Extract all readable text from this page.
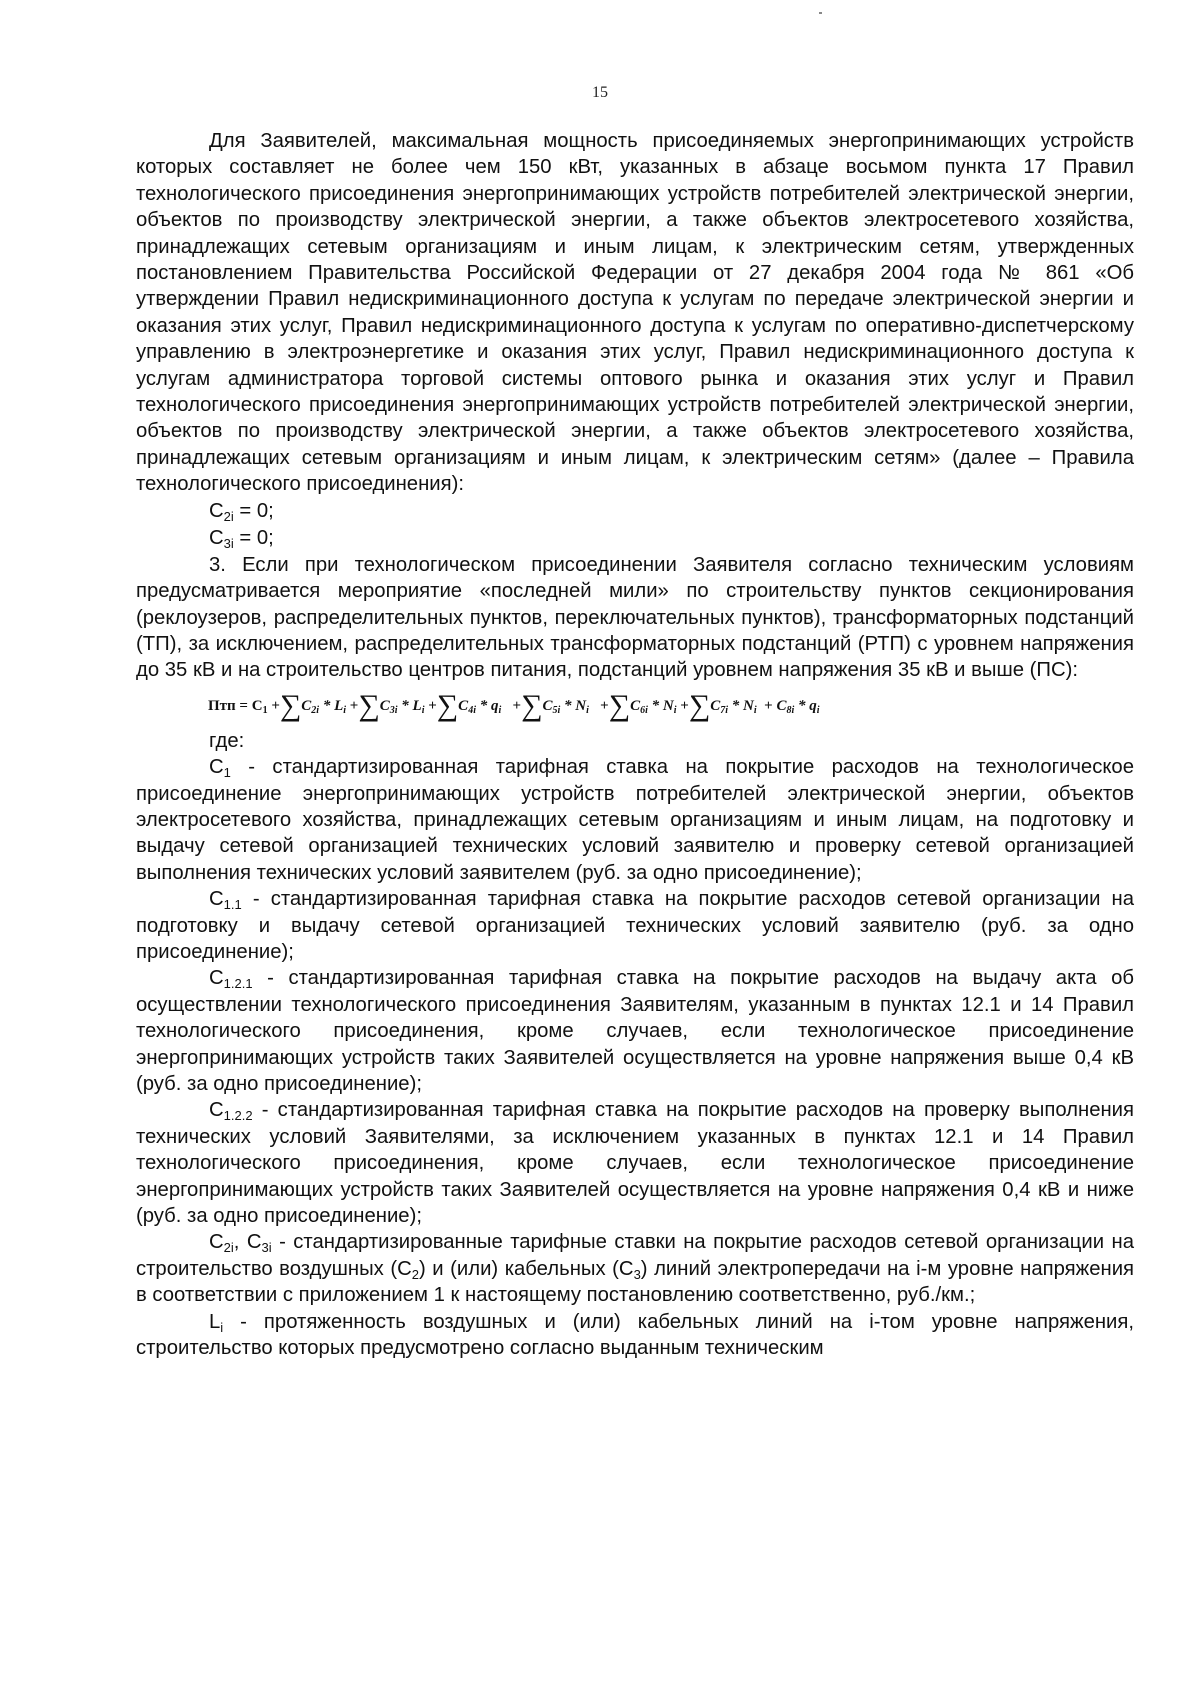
15

Для Заявителей, максимальная мощность присоединяемых энергопринимающих устройств которых составляет не более чем 150 кВт, указанных в абзаце восьмом пункта 17 Правил технологического присоединения энергопринимающих устройств потребителей электрической энергии, объектов по производству электрической энергии, а также объектов электросетевого хозяйства, принадлежащих сетевым организациям и иным лицам, к электрическим сетям, утвержденных постановлением Правительства Российской Федерации от 27 декабря 2004 года № 861 «Об утверждении Правил недискриминационного доступа к услугам по передаче электрической энергии и оказания этих услуг, Правил недискриминационного доступа к услугам по оперативно-диспетчерскому управлению в электроэнергетике и оказания этих услуг, Правил недискриминационного доступа к услугам администратора торговой системы оптового рынка и оказания этих услуг и Правил технологического присоединения энергопринимающих устройств потребителей электрической энергии, объектов по производству электрической энергии, а также объектов электросетевого хозяйства, принадлежащих сетевым организациям и иным лицам, к электрическим сетям» (далее – Правила технологического присоединения):

$C_{2i} = 0$;
$C_{3i} = 0$;

3. Если при технологическом присоединении Заявителя согласно техническим условиям предусматривается мероприятие «последней мили» по строительству пунктов секционирования (реклоузеров, распределительных пунктов, переключательных пунктов), трансформаторных подстанций (ТП), за исключением, распределительных трансформаторных подстанций (РТП) с уровнем напряжения до 35 кВ и на строительство центров питания, подстанций уровнем напряжения 35 кВ и выше (ПС):

Птп = $C_1 +\sum C_{2i} * L_i +\sum C_{3i} * L_i +\sum C_{4i} * q_i +\sum C_{5i} * N_i +\sum C_{6i} * N_i +\sum C_{7i} * N_i + C_{8i} * q_i$
где:

$C_1$ - стандартизированная тарифная ставка на покрытие расходов на технологическое присоединение энергопринимающих устройств потребителей электрической энергии, объектов электросетевого хозяйства, принадлежащих сетевым организациям и иным лицам, на подготовку и выдачу сетевой организацией технических условий заявителю и проверку сетевой организацией выполнения технических условий заявителем (руб. за одно присоединение);

$C_{1.1}$ - стандартизированная тарифная ставка на покрытие расходов сетевой организации на подготовку и выдачу сетевой организацией технических условий заявителю (руб. за одно присоединение);

$C_{1.2.1}$ - стандартизированная тарифная ставка на покрытие расходов на выдачу акта об осуществлении технологического присоединения Заявителям, указанным в пунктах 12.1 и 14 Правил технологического присоединения, кроме случаев, если технологическое присоединение энергопринимающих устройств таких Заявителей осуществляется на уровне напряжения выше 0,4 кВ (руб. за одно присоединение);

$C_{1.2.2}$ - стандартизированная тарифная ставка на покрытие расходов на проверку выполнения технических условий Заявителями, за исключением указанных в пунктах 12.1 и 14 Правил технологического присоединения, кроме случаев, если технологическое присоединение энергопринимающих устройств таких Заявителей осуществляется на уровне напряжения 0,4 кВ и ниже (руб. за одно присоединение);

$C_{2i}$, $C_{3i}$ - стандартизированные тарифные ставки на покрытие расходов сетевой организации на строительство воздушных $(C_2)$ и (или) кабельных $(C_3)$ линий электропередачи на i-м уровне напряжения в соответствии с приложением 1 к настоящему постановлению соответственно, руб./км.;

$L_i$ - протяженность воздушных и (или) кабельных линий на i-том уровне напряжения, строительство которых предусмотрено согласно выданным техническим
